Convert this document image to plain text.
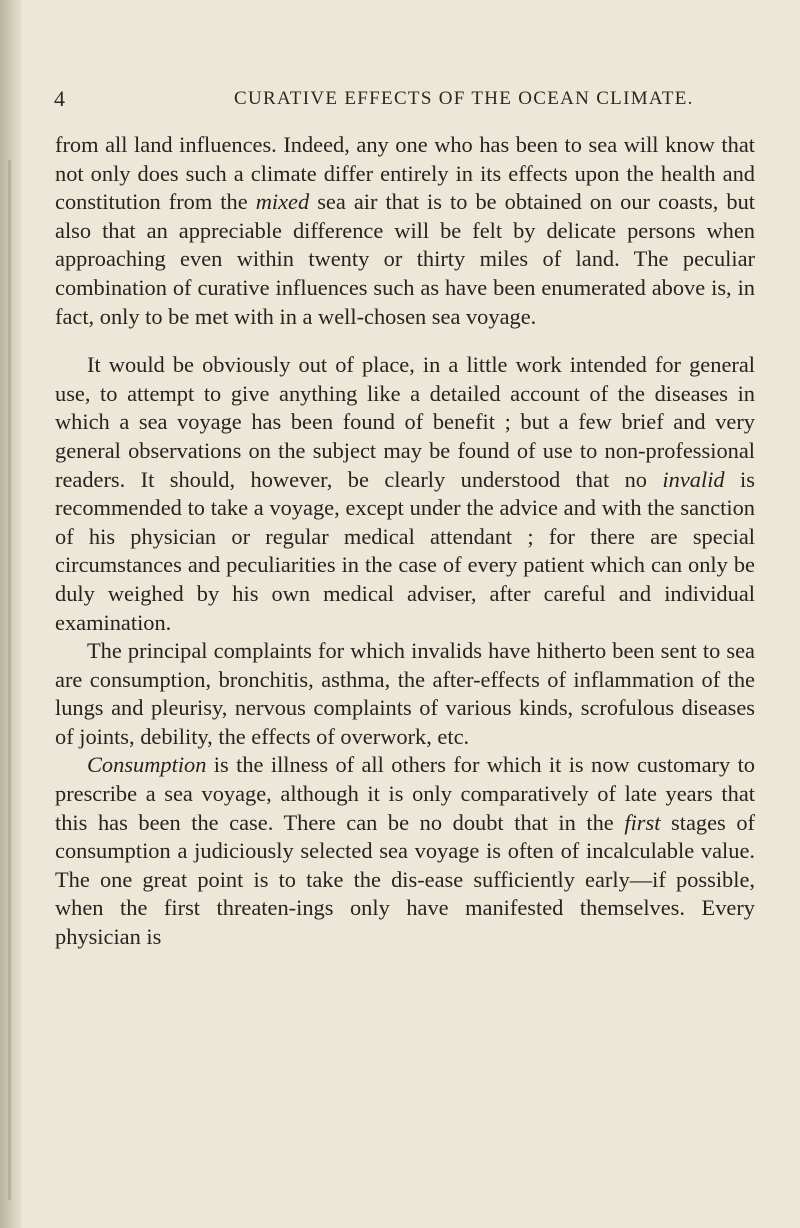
4	CURATIVE EFFECTS OF THE OCEAN CLIMATE.

from all land influences. Indeed, any one who has been to sea will know that not only does such a climate differ entirely in its effects upon the health and constitution from the mixed sea air that is to be obtained on our coasts, but also that an appreciable difference will be felt by delicate persons when approaching even within twenty or thirty miles of land. The peculiar combination of curative influences such as have been enumerated above is, in fact, only to be met with in a well-chosen sea voyage.

It would be obviously out of place, in a little work intended for general use, to attempt to give anything like a detailed account of the diseases in which a sea voyage has been found of benefit ; but a few brief and very general observations on the subject may be found of use to non-professional readers. It should, however, be clearly understood that no invalid is recommended to take a voyage, except under the advice and with the sanction of his physician or regular medical attendant ; for there are special circumstances and peculiarities in the case of every patient which can only be duly weighed by his own medical adviser, after careful and individual examination.

The principal complaints for which invalids have hitherto been sent to sea are consumption, bronchitis, asthma, the after-effects of inflammation of the lungs and pleurisy, nervous complaints of various kinds, scrofulous diseases of joints, debility, the effects of overwork, etc.

Consumption is the illness of all others for which it is now customary to prescribe a sea voyage, although it is only comparatively of late years that this has been the case. There can be no doubt that in the first stages of consumption a judiciously selected sea voyage is often of incalculable value. The one great point is to take the dis-ease sufficiently early—if possible, when the first threaten-ings only have manifested themselves. Every physician is
